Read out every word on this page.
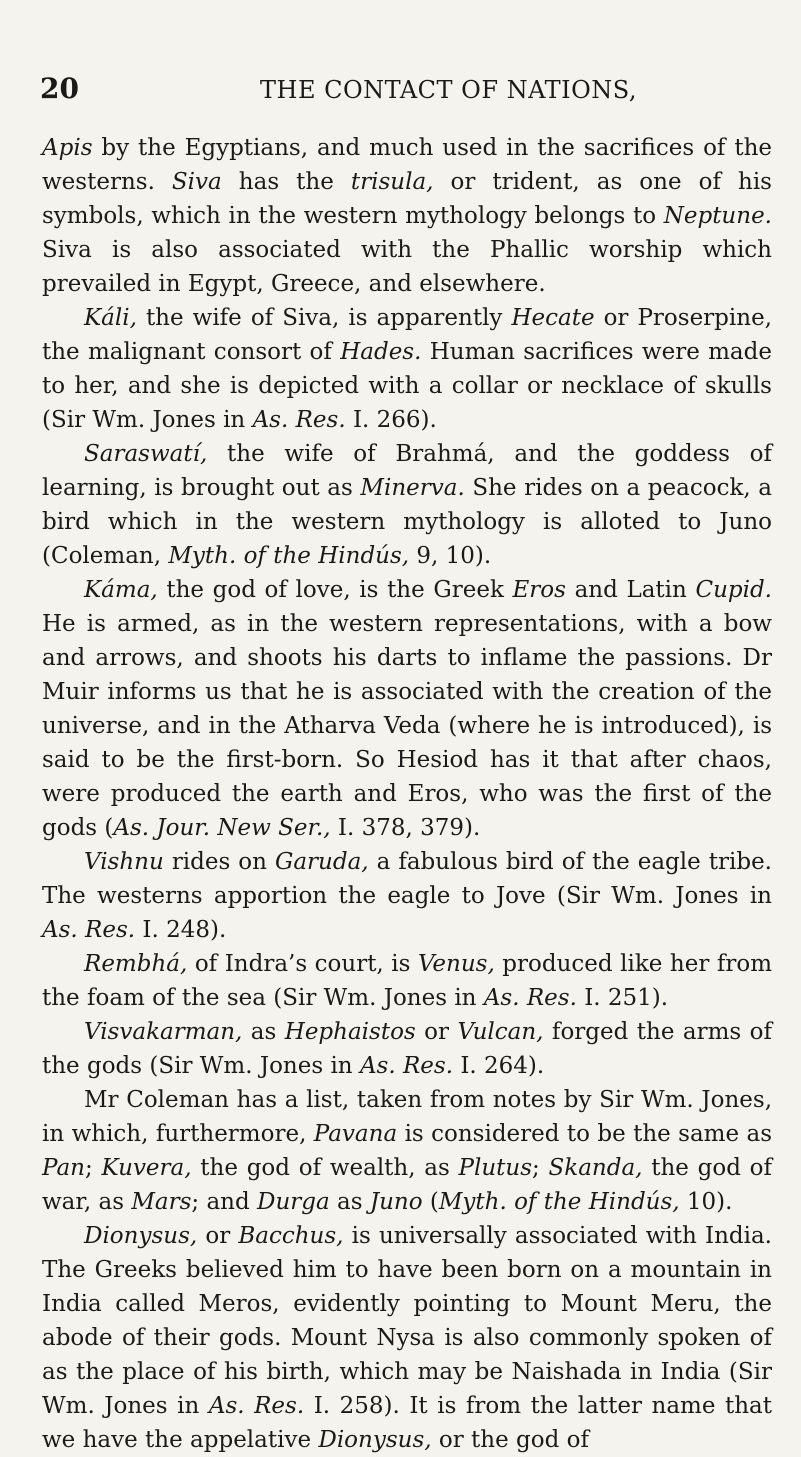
20	THE CONTACT OF NATIONS,

Apis by the Egyptians, and much used in the sacrifices of the westerns. Siva has the trisula, or trident, as one of his symbols, which in the western mythology belongs to Neptune. Siva is also associated with the Phallic worship which prevailed in Egypt, Greece, and elsewhere.

Káli, the wife of Siva, is apparently Hecate or Proserpine, the malignant consort of Hades. Human sacrifices were made to her, and she is depicted with a collar or necklace of skulls (Sir Wm. Jones in As. Res. I. 266).

Saraswatí, the wife of Brahmá, and the goddess of learning, is brought out as Minerva. She rides on a peacock, a bird which in the western mythology is alloted to Juno (Coleman, Myth. of the Hindús, 9, 10).

Káma, the god of love, is the Greek Eros and Latin Cupid. He is armed, as in the western representations, with a bow and arrows, and shoots his darts to inflame the passions. Dr Muir informs us that he is associated with the creation of the universe, and in the Atharva Veda (where he is introduced), is said to be the first-born. So Hesiod has it that after chaos, were produced the earth and Eros, who was the first of the gods (As. Jour. New Ser., I. 378, 379).

Vishnu rides on Garuda, a fabulous bird of the eagle tribe. The westerns apportion the eagle to Jove (Sir Wm. Jones in As. Res. I. 248).

Rembhá, of Indra’s court, is Venus, produced like her from the foam of the sea (Sir Wm. Jones in As. Res. I. 251).

Visvakarman, as Hephaistos or Vulcan, forged the arms of the gods (Sir Wm. Jones in As. Res. I. 264).

Mr Coleman has a list, taken from notes by Sir Wm. Jones, in which, furthermore, Pavana is considered to be the same as Pan; Kuvera, the god of wealth, as Plutus; Skanda, the god of war, as Mars; and Durga as Juno (Myth. of the Hindús, 10).

Dionysus, or Bacchus, is universally associated with India. The Greeks believed him to have been born on a mountain in India called Meros, evidently pointing to Mount Meru, the abode of their gods. Mount Nysa is also commonly spoken of as the place of his birth, which may be Naishada in India (Sir Wm. Jones in As. Res. I. 258). It is from the latter name that we have the appelative Dionysus, or the god of
